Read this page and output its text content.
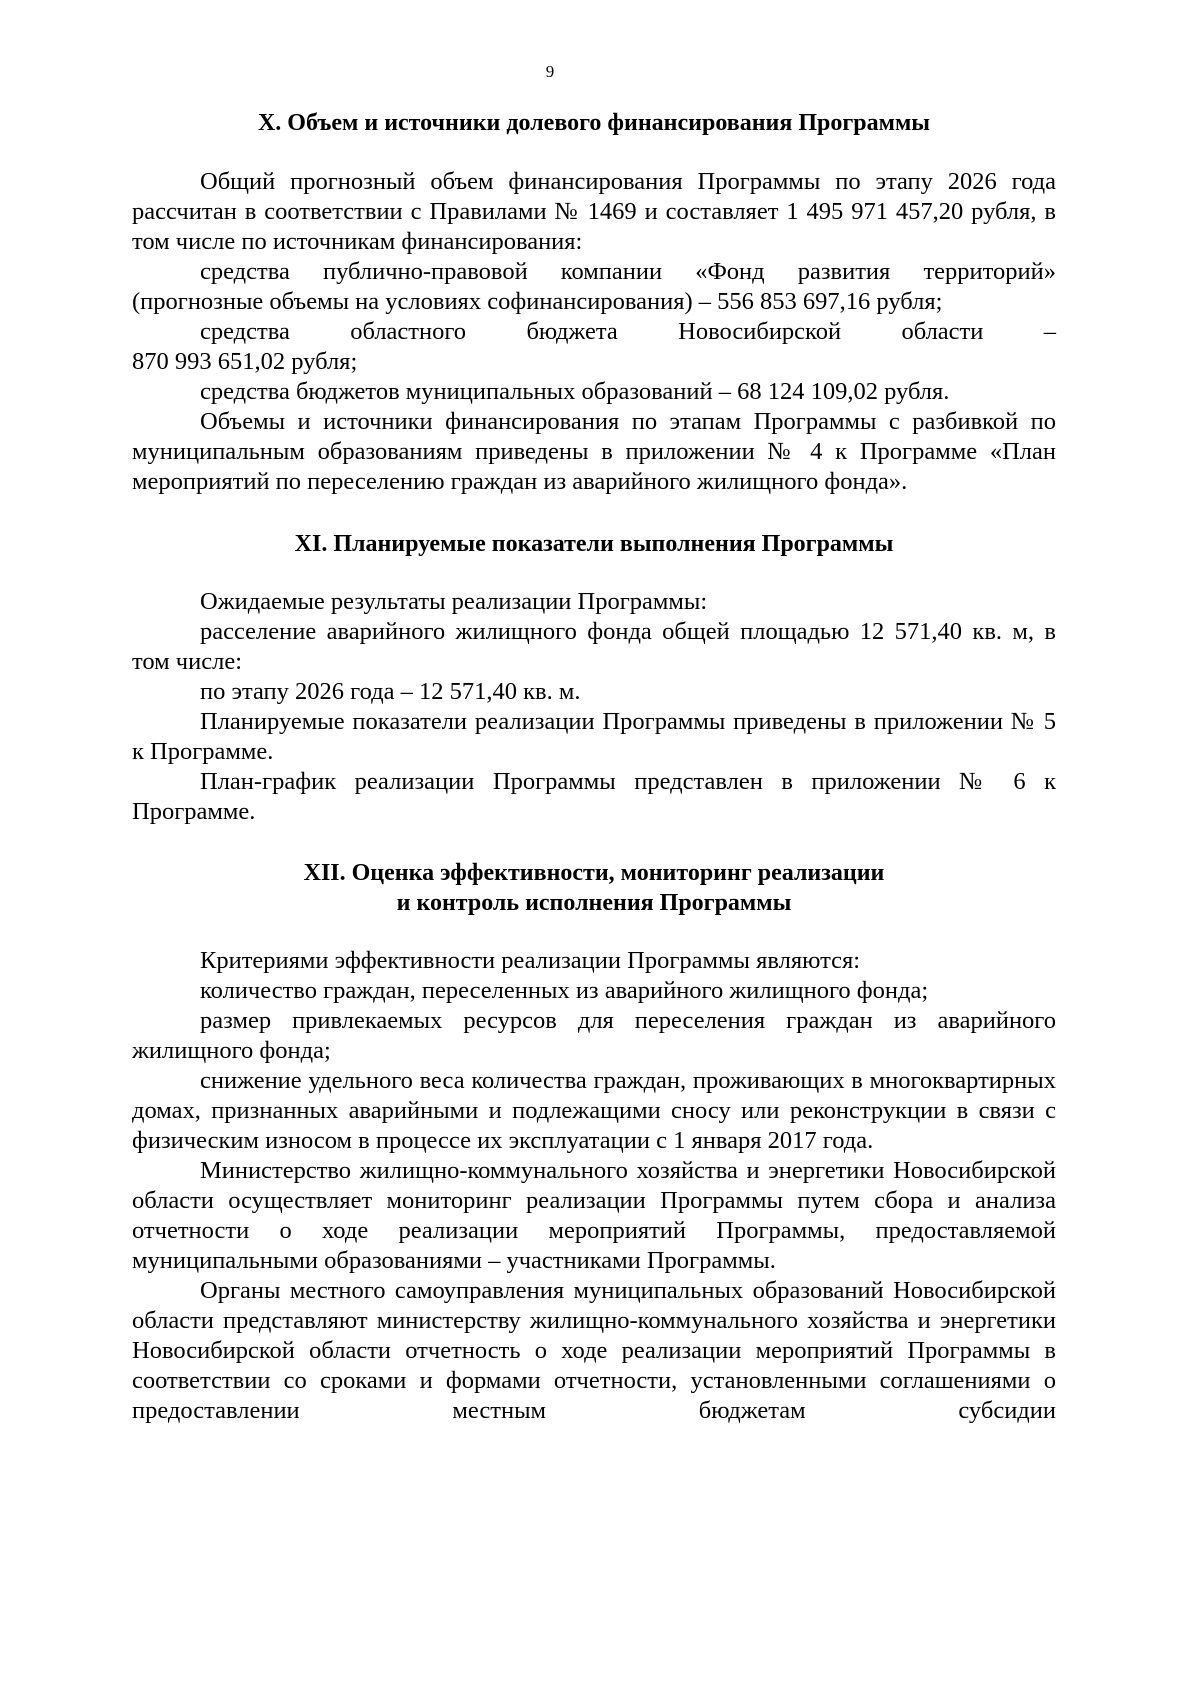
9
X. Объем и источники долевого финансирования Программы

Общий прогнозный объем финансирования Программы по этапу 2026 года рассчитан в соответствии с Правилами № 1469 и составляет 1 495 971 457,20 рубля, в том числе по источникам финансирования:

средства публично-правовой компании «Фонд развития территорий» (прогнозные объемы на условиях софинансирования) – 556 853 697,16 рубля;

средства областного бюджета Новосибирской области –

870 993 651,02 рубля;

средства бюджетов муниципальных образований – 68 124 109,02 рубля.

Объемы и источники финансирования по этапам Программы с разбивкой по муниципальным образованиям приведены в приложении № 4 к Программе «План мероприятий по переселению граждан из аварийного жилищного фонда».

XI. Планируемые показатели выполнения Программы

Ожидаемые результаты реализации Программы:

расселение аварийного жилищного фонда общей площадью 12 571,40 кв. м, в том числе:

по этапу 2026 года – 12 571,40 кв. м.

Планируемые показатели реализации Программы приведены в приложении № 5 к Программе.

План-график реализации Программы представлен в приложении № 6 к Программе.

XII. Оценка эффективности, мониторинг реализации
и контроль исполнения Программы

Критериями эффективности реализации Программы являются:

количество граждан, переселенных из аварийного жилищного фонда;

размер привлекаемых ресурсов для переселения граждан из аварийного жилищного фонда;

снижение удельного веса количества граждан, проживающих в многоквартирных домах, признанных аварийными и подлежащими сносу или реконструкции в связи с физическим износом в процессе их эксплуатации с 1 января 2017 года.

Министерство жилищно-коммунального хозяйства и энергетики Новосибирской области осуществляет мониторинг реализации Программы путем сбора и анализа отчетности о ходе реализации мероприятий Программы, предоставляемой муниципальными образованиями – участниками Программы.

Органы местного самоуправления муниципальных образований Новосибирской области представляют министерству жилищно-коммунального хозяйства и энергетики Новосибирской области отчетность о ходе реализации мероприятий Программы в соответствии со сроками и формами отчетности, установленными соглашениями о предоставлении местным бюджетам субсидии
